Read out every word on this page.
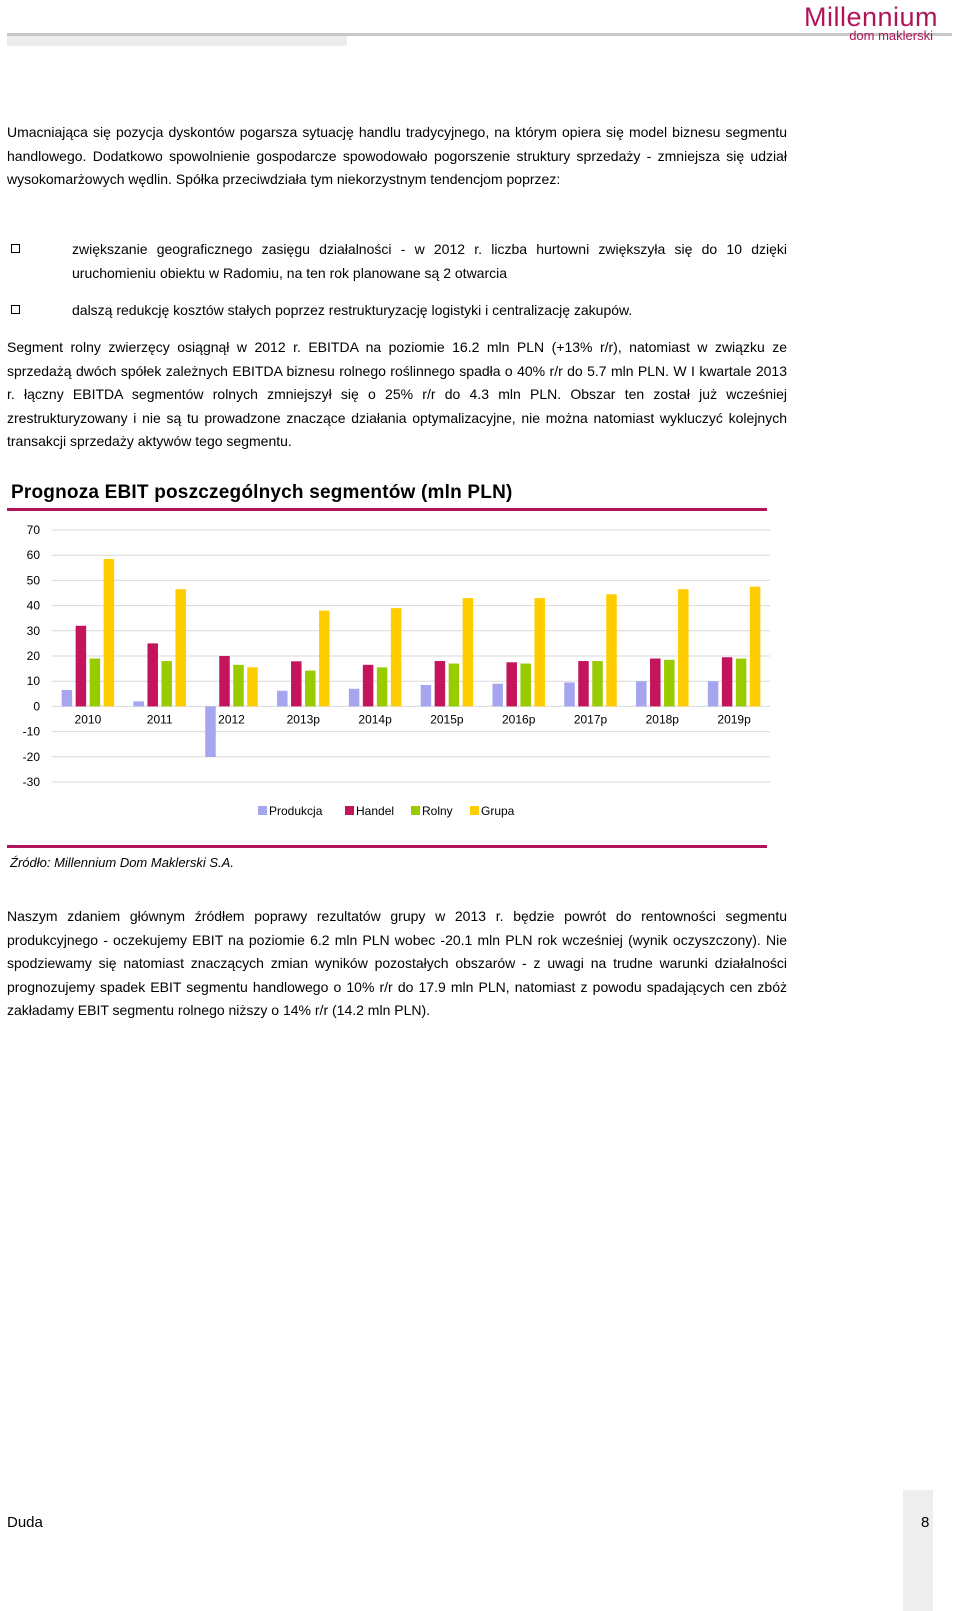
Millennium
dom maklerski
Umacniająca się pozycja dyskontów pogarsza sytuację handlu tradycyjnego, na którym opiera się model biznesu segmentu handlowego. Dodatkowo spowolnienie gospodarcze spowodowało pogorszenie struktury sprzedaży - zmniejsza się udział wysokomarżowych wędlin. Spółka przeciwdziała tym niekorzystnym tendencjom poprzez:
zwiększanie geograficznego zasięgu działalności - w 2012 r. liczba hurtowni zwiększyła się do 10 dzięki uruchomieniu obiektu w Radomiu, na ten rok planowane są 2 otwarcia
dalszą redukcję kosztów stałych poprzez restrukturyzację logistyki i centralizację zakupów.
Segment rolny zwierzęcy osiągnął w 2012 r. EBITDA na poziomie 16.2 mln PLN (+13% r/r), natomiast w związku ze sprzedażą dwóch spółek zależnych EBITDA biznesu rolnego roślinnego spadła o 40% r/r do 5.7 mln PLN. W I kwartale 2013 r. łączny EBITDA segmentów rolnych zmniejszył się o 25% r/r do 4.3 mln PLN. Obszar ten został już wcześniej zrestrukturyzowany i nie są tu prowadzone znaczące działania optymalizacyjne, nie można natomiast wykluczyć kolejnych transakcji sprzedaży aktywów tego segmentu.
Prognoza EBIT poszczególnych segmentów (mln PLN)
70
60
50
40
30
20
10
0
-10
-20
-30
2010	2011	2012	2013p	2014p	2015p	2016p	2017p	2018p	2019p
Produkcja	Handel Rolny Grupa
Źródło: Millennium Dom Maklerski S.A.
Naszym zdaniem głównym źródłem poprawy rezultatów grupy w 2013 r. będzie powrót do rentowności segmentu produkcyjnego - oczekujemy EBIT na poziomie 6.2 mln PLN wobec -20.1 mln PLN rok wcześniej (wynik oczyszczony). Nie spodziewamy się natomiast znaczących zmian wyników pozostałych obszarów - z uwagi na trudne warunki działalności prognozujemy spadek EBIT segmentu handlowego o 10% r/r do 17.9 mln PLN, natomiast z powodu spadających cen zbóż zakładamy EBIT segmentu rolnego niższy o 14% r/r (14.2 mln PLN).
Duda	8
